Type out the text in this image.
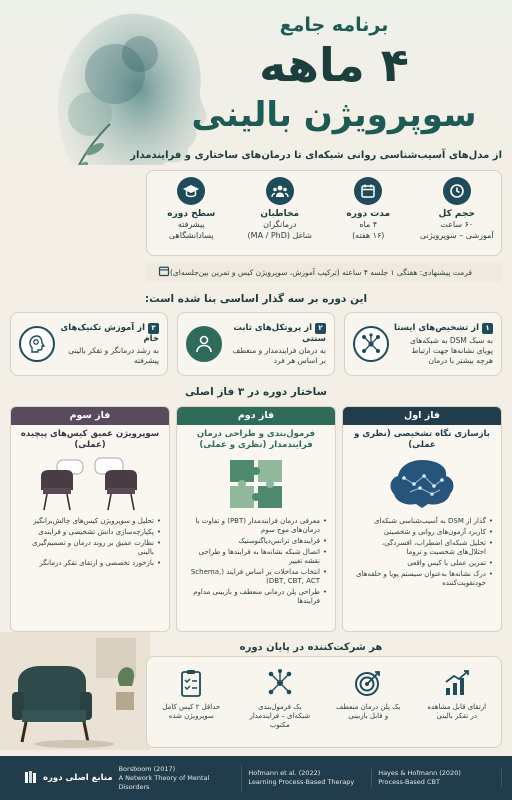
برنامه جامع
۴ ماهه
سوپرویژن بالینی
از مدل‌های آسیب‌شناسی روانی شبکه‌ای تا درمان‌های ساختاری و فرایندمدار
حجم کل
۶۰ ساعت
آموزشی – سوپرویژنی
مدت دوره
۴ ماه
(۱۶ هفته)
مخاطبان
درمانگران
شاغل (MA / PhD)
سطح دوره
پیشرفته
پسادانشگاهی
فرمت پیشنهادی: هفتگی ۱ جلسه ۴ ساعته (ترکیب آموزش، سوپرویژن کیس و تمرین بین‌جلسه‌ای)
این دوره بر سه گذار اساسی بنا شده است:
۱از تشخیص‌های ایستا
به سبک DSM به شبکه‌های پویای نشانه‌ها جهت ارتباط هرچه بیشتر با درمان
۲از پروتکل‌های ثابت سنتی
به درمان فرایندمدار و منعطف بر اساس هر فرد
۳از آموزش تکنیک‌های خام
به رشد درمانگر و تفکر بالینی پیشرفته
ساختار دوره در ۳ فاز اصلی
فاز اول
بازسازی نگاه تشخیصی (نظری و عملی)
• گذار از DSM به آسیب‌شناسی شبکه‌ای
• کاربرد آزمون‌های روانی و شخصیتی
• تحلیل شبکه‌ای اضطراب، افسردگی، اختلال‌های شخصیت و تروما
• تمرین عملی با کیس واقعی
• درک نشانه‌ها به‌عنوان سیستم پویا و حلقه‌های خودتقویت‌کننده
فاز دوم
فرمول‌بندی و طراحی درمان فرایندمدار (نظری و عملی)
• معرفی درمان فرایندمدار (PBT) و تفاوت با درمان‌های موج سوم
• فرایندهای ترانس‌دیاگنوستیک
• اتصال شبکه نشانه‌ها به فرایندها و طراحی نقشه تغییر
• انتخاب مداخلات بر اساس فرایند (Schema, DBT, CBT, ACT)
• طراحی پلن درمانی منعطف و بازبینی مداوم فرایندها
فاز سوم
سوپرویژن عمیق کیس‌های پیچیده (عملی)
• تحلیل و سوپرویژن کیس‌های چالش‌برانگیز
• پکپارچه‌سازی دانش تشخیصی و فرایندی
• نظارت عمیق بر روند درمان و تصمیم‌گیری بالینی
• بازخورد تخصصی و ارتقای تفکر درمانگر
هر شرکت‌کننده در پایان دوره
ارتقای قابل مشاهده در تفکر بالینی
یک پلن درمان منعطف و قابل بازبینی
یک فرمول‌بندی شبکه‌ای – فرایندمدار مکتوب
حداقل ۲ کیس کامل سوپرویژن شده
منابع اصلی دوره
Borsboom (2017)
A Network Theory of Mental Disorders
Hofmann et al. (2022)
Learning Process-Based Therapy
Hayes & Hofmann (2020)
Process-Based CBT
